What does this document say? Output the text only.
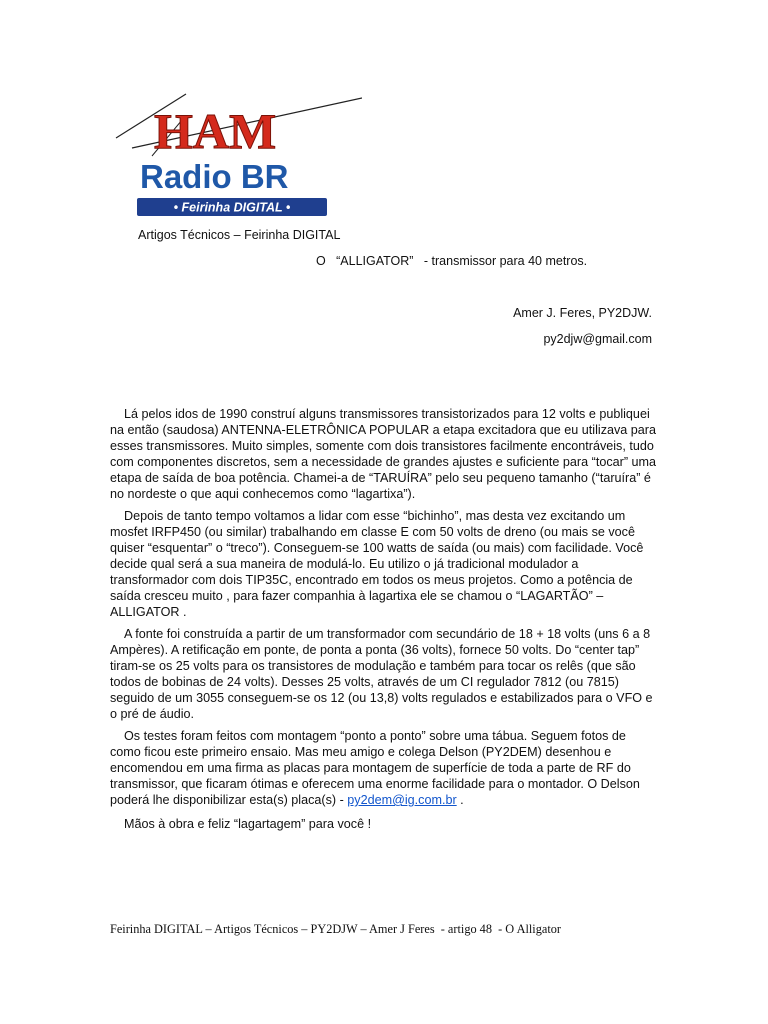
HAM
Radio BR
• Feirinha DIGITAL •
Artigos Técnicos – Feirinha DIGITAL
O   “ALLIGATOR”   - transmissor para 40 metros.
Amer J. Feres, PY2DJW.
py2djw@gmail.com

Lá pelos idos de 1990 construí alguns transmissores transistorizados para 12 volts e publiquei na então (saudosa) ANTENNA-ELETRÔNICA POPULAR a etapa excitadora que eu utilizava para esses transmissores. Muito simples, somente com dois transistores facilmente encontráveis, tudo com componentes discretos, sem a necessidade de grandes ajustes e suficiente para “tocar” uma etapa de saída de boa potência. Chamei-a de “TARUÍRA” pelo seu pequeno tamanho (“taruíra” é no nordeste o que aqui conhecemos como “lagartixa”).

Depois de tanto tempo voltamos a lidar com esse “bichinho”, mas desta vez excitando um mosfet IRFP450 (ou similar) trabalhando em classe E com 50 volts de dreno (ou mais se você quiser “esquentar” o “treco”). Conseguem-se 100 watts de saída (ou mais) com facilidade. Você decide qual será a sua maneira de modulá-lo. Eu utilizo o já tradicional modulador a transformador com dois TIP35C, encontrado em todos os meus projetos. Como a potência de saída cresceu muito , para fazer companhia à lagartixa ele se chamou o “LAGARTÃO” – ALLIGATOR .

A fonte foi construída a partir de um transformador com secundário de 18 + 18 volts (uns 6 a 8 Ampères). A retificação em ponte, de ponta a ponta (36 volts), fornece 50 volts. Do “center tap” tiram-se os 25 volts para os transistores de modulação e também para tocar os relês (que são todos de bobinas de 24 volts). Desses 25 volts, através de um CI regulador 7812 (ou 7815) seguido de um 3055 conseguem-se os 12 (ou 13,8) volts regulados e estabilizados para o VFO e o pré de áudio.

Os testes foram feitos com montagem “ponto a ponto” sobre uma tábua. Seguem fotos de como ficou este primeiro ensaio. Mas meu amigo e colega Delson (PY2DEM) desenhou e encomendou em uma firma as placas para montagem de superfície de toda a parte de RF do transmissor, que ficaram ótimas e oferecem uma enorme facilidade para o montador. O Delson poderá lhe disponibilizar esta(s) placa(s) - py2dem@ig.com.br .

Mãos à obra e feliz “lagartagem” para você !

Feirinha DIGITAL – Artigos Técnicos – PY2DJW – Amer J Feres  - artigo 48  - O Alligator
